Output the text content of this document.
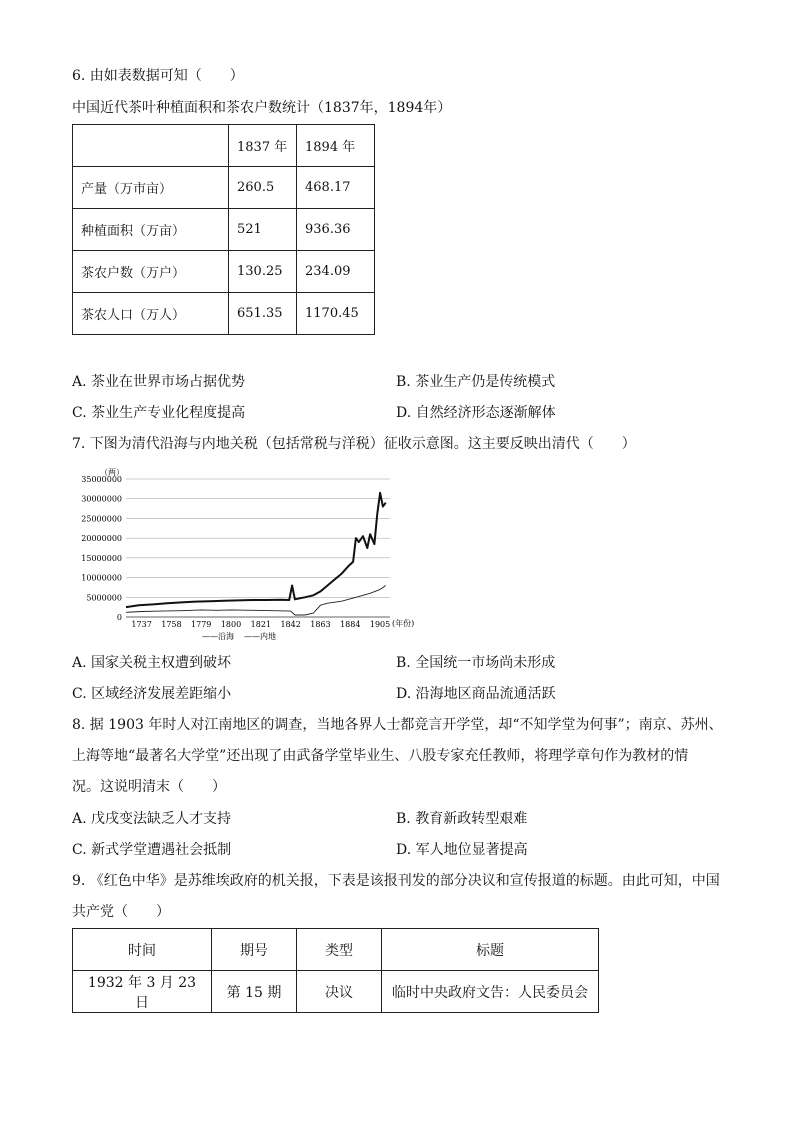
6. 由如表数据可知（　　）
中国近代茶叶种植面积和茶农户数统计（1837年，1894年）
	1837 年	1894 年
产量（万市亩）	260.5	468.17
种植面积（万亩）	521	936.36
茶农户数（万户）	130.25	234.09
茶农人口（万人）	651.35	1170.45
A. 茶业在世界市场占据优势	B. 茶业生产仍是传统模式
C. 茶业生产专业化程度提高	D. 自然经济形态逐渐解体
7. 下图为清代沿海与内地关税（包括常税与洋税）征收示意图。这主要反映出清代（　　）
35000000
30000000
25000000
20000000
15000000
10000000
5000000
0
1737 1758 1779 1800 1821 1842 1863 1884 1905
（两）
(年份)
——沿海 ——内地
A. 国家关税主权遭到破坏	B. 全国统一市场尚未形成
C. 区域经济发展差距缩小	D. 沿海地区商品流通活跃
8. 据 1903 年时人对江南地区的调查，当地各界人士都竞言开学堂，却“不知学堂为何事”；南京、苏州、
上海等地“最著名大学堂”还出现了由武备学堂毕业生、八股专家充任教师，将理学章句作为教材的情
况。这说明清末（　　）
A. 戊戌变法缺乏人才支持	B. 教育新政转型艰难
C. 新式学堂遭遇社会抵制	D. 军人地位显著提高
9. 《红色中华》是苏维埃政府的机关报，下表是该报刊发的部分决议和宣传报道的标题。由此可知，中国
共产党（　　）
时间	期号	类型	标题
1932 年 3 月 23 日	第 15 期	决议	临时中央政府文告：人民委员会
